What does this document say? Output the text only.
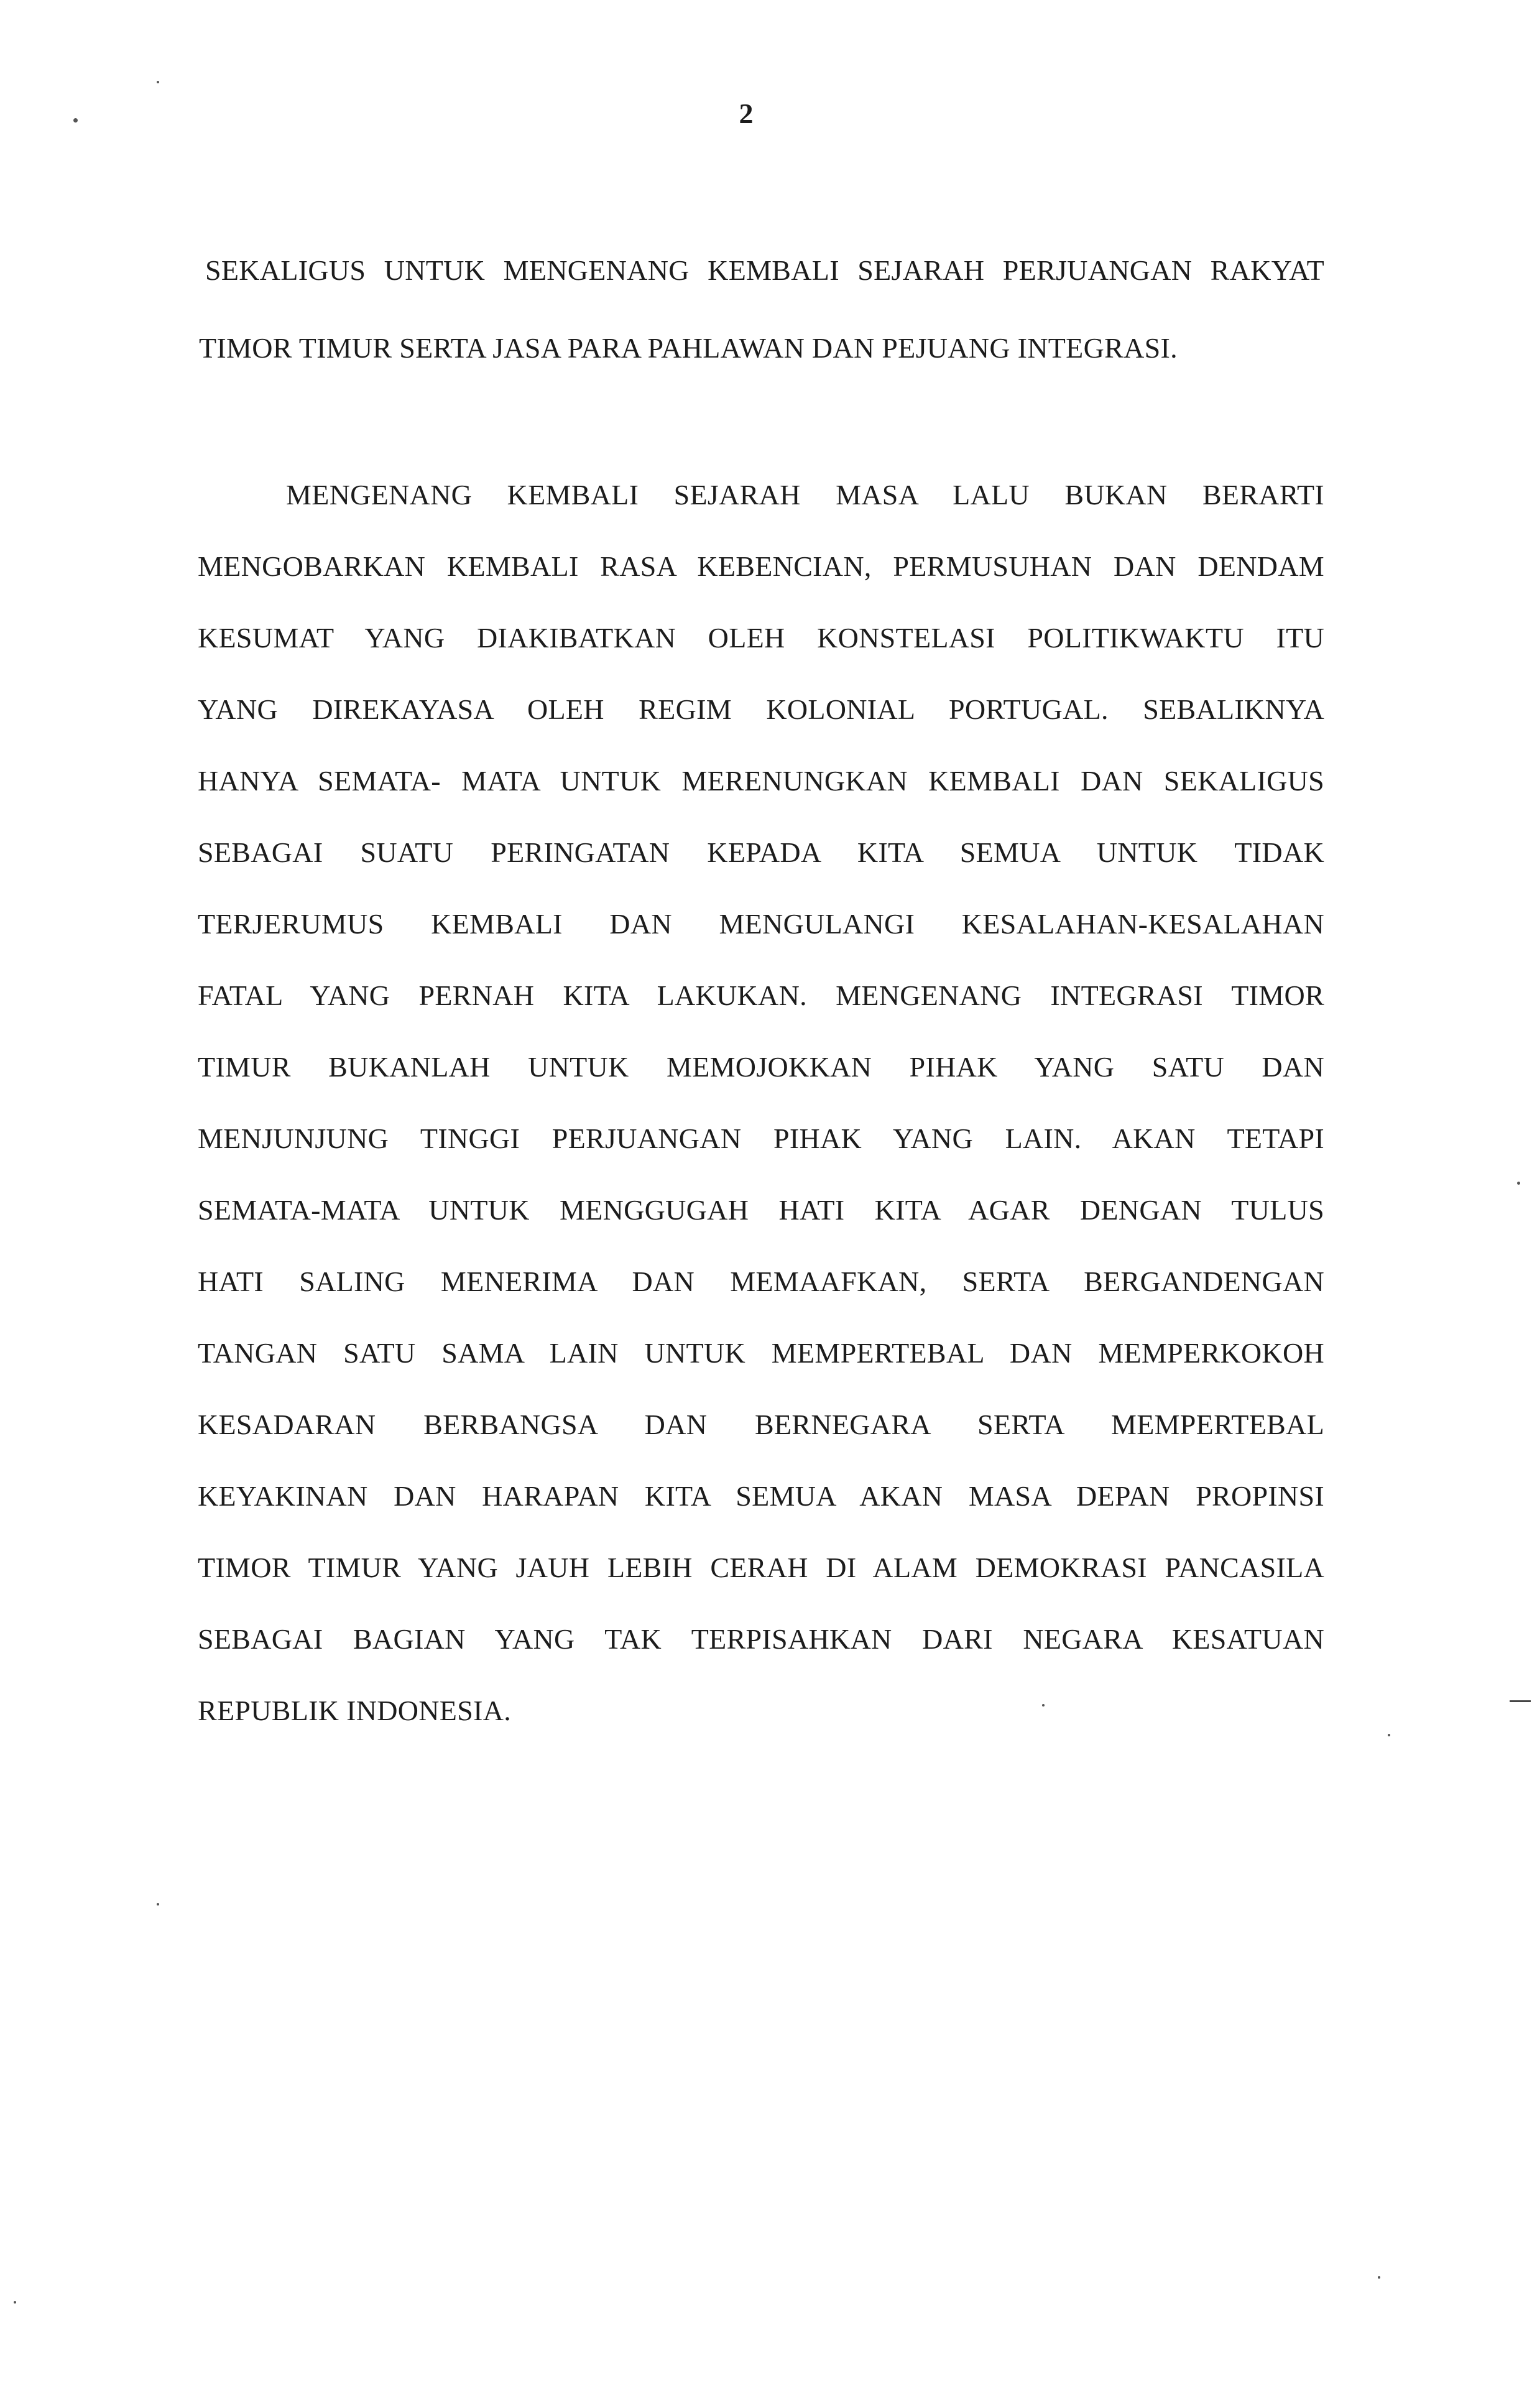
2
SEKALIGUS UNTUK MENGENANG KEMBALI SEJARAH PERJUANGAN RAKYAT
TIMOR TIMUR SERTA JASA PARA PAHLAWAN DAN PEJUANG INTEGRASI.
MENGENANG KEMBALI SEJARAH MASA LALU BUKAN BERARTI
MENGOBARKAN KEMBALI RASA KEBENCIAN, PERMUSUHAN DAN DENDAM
KESUMAT YANG DIAKIBATKAN OLEH KONSTELASI POLITIKWAKTU ITU
YANG DIREKAYASA OLEH REGIM KOLONIAL PORTUGAL. SEBALIKNYA
HANYA SEMATA- MATA UNTUK MERENUNGKAN KEMBALI DAN SEKALIGUS
SEBAGAI SUATU PERINGATAN KEPADA KITA SEMUA UNTUK TIDAK
TERJERUMUS KEMBALI DAN MENGULANGI KESALAHAN-KESALAHAN
FATAL YANG PERNAH KITA LAKUKAN. MENGENANG INTEGRASI TIMOR
TIMUR BUKANLAH UNTUK MEMOJOKKAN PIHAK YANG SATU DAN
MENJUNJUNG TINGGI PERJUANGAN PIHAK YANG LAIN. AKAN TETAPI
SEMATA-MATA UNTUK MENGGUGAH HATI KITA AGAR DENGAN TULUS
HATI SALING MENERIMA DAN MEMAAFKAN, SERTA BERGANDENGAN
TANGAN SATU SAMA LAIN UNTUK MEMPERTEBAL DAN MEMPERKOKOH
KESADARAN BERBANGSA DAN BERNEGARA SERTA MEMPERTEBAL
KEYAKINAN DAN HARAPAN KITA SEMUA AKAN MASA DEPAN PROPINSI
TIMOR TIMUR YANG JAUH LEBIH CERAH DI ALAM DEMOKRASI PANCASILA
SEBAGAI BAGIAN YANG TAK TERPISAHKAN DARI NEGARA KESATUAN
REPUBLIK INDONESIA.
